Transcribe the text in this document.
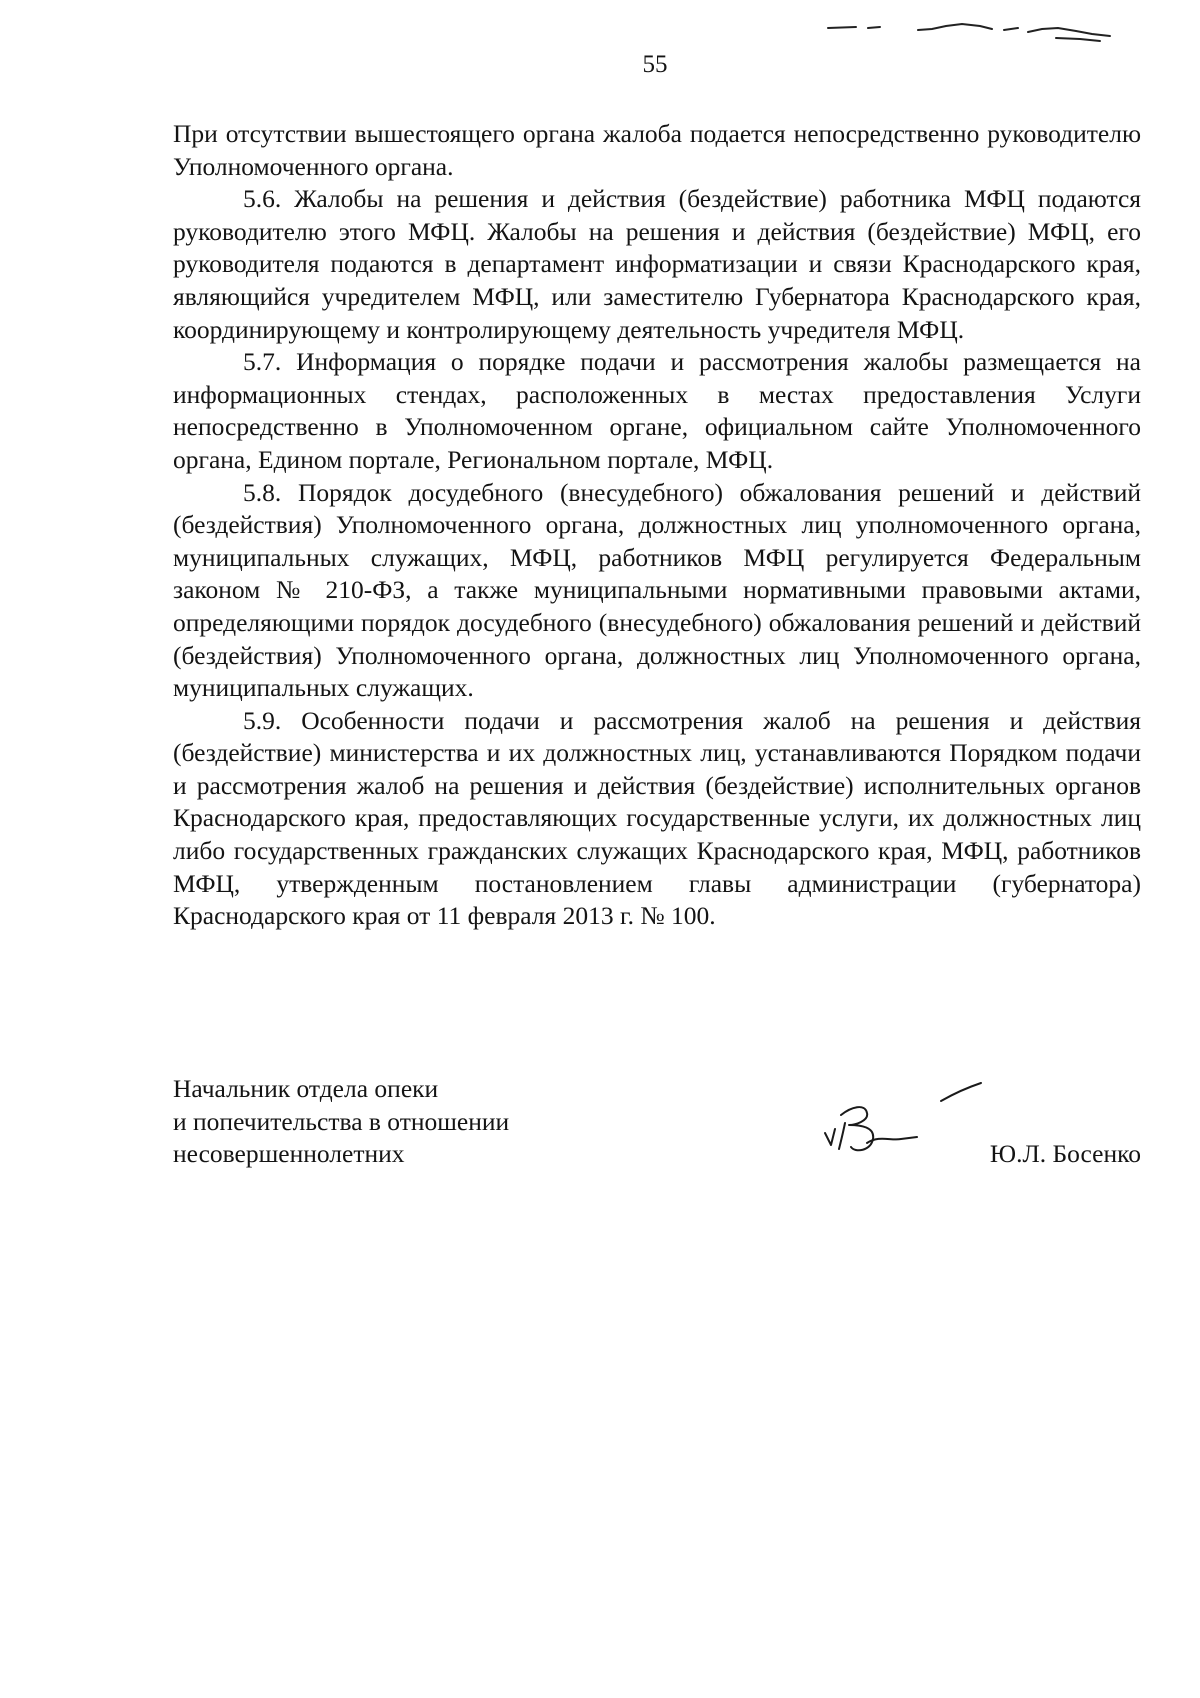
55

При отсутствии вышестоящего органа жалоба подается непосредственно руководителю Уполномоченного органа.

5.6. Жалобы на решения и действия (бездействие) работника МФЦ подаются руководителю этого МФЦ. Жалобы на решения и действия (бездействие) МФЦ, его руководителя подаются в департамент информатизации и связи Краснодарского края, являющийся учредителем МФЦ, или заместителю Губернатора Краснодарского края, координирующему и контролирующему деятельность учредителя МФЦ.

5.7. Информация о порядке подачи и рассмотрения жалобы размещается на информационных стендах, расположенных в местах предоставления Услуги непосредственно в Уполномоченном органе, официальном сайте Уполномоченного органа, Едином портале, Региональном портале, МФЦ.

5.8. Порядок досудебного (внесудебного) обжалования решений и действий (бездействия) Уполномоченного органа, должностных лиц уполномоченного органа, муниципальных служащих, МФЦ, работников МФЦ регулируется Федеральным законом № 210-ФЗ, а также муниципальными нормативными правовыми актами, определяющими порядок досудебного (внесудебного) обжалования решений и действий (бездействия) Уполномоченного органа, должностных лиц Уполномоченного органа, муниципальных служащих.

5.9. Особенности подачи и рассмотрения жалоб на решения и действия (бездействие) министерства и их должностных лиц, устанавливаются Порядком подачи и рассмотрения жалоб на решения и действия (бездействие) исполнительных органов Краснодарского края, предоставляющих государственные услуги, их должностных лиц либо государственных гражданских служащих Краснодарского края, МФЦ, работников МФЦ, утвержденным постановлением главы администрации (губернатора) Краснодарского края от 11 февраля 2013 г. № 100.

Начальник отдела опеки
и попечительства в отношении
несовершеннолетних	Ю.Л. Босенко
